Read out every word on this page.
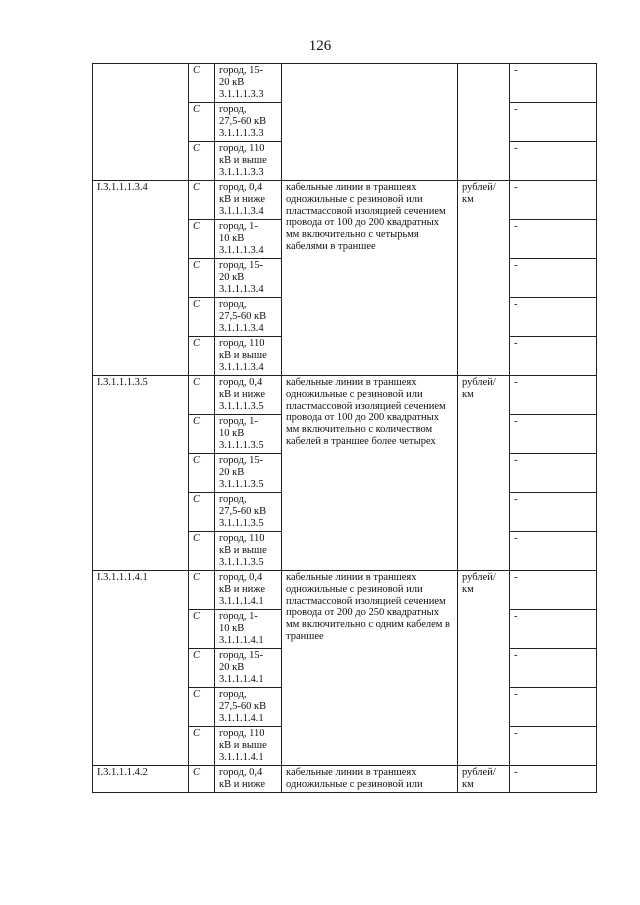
126
	С	город, 15-
20 кВ
3.1.1.1.3.3			-
	С	город,
27,5-60 кВ
3.1.1.1.3.3			-
	С	город, 110
кВ и выше
3.1.1.1.3.3			-
I.3.1.1.1.3.4	С	город, 0,4
кВ и ниже
3.1.1.1.3.4	кабельные линии в траншеях одножильные с резиновой или пластмассовой изоляцией сечением провода от 100 до 200 квадратных мм включительно с четырьмя кабелями в траншее	рублей/ км	-
	С	город, 1-
10 кВ
3.1.1.1.3.4			-
	С	город, 15-
20 кВ
3.1.1.1.3.4			-
	С	город,
27,5-60 кВ
3.1.1.1.3.4			-
	С	город, 110
кВ и выше
3.1.1.1.3.4			-
I.3.1.1.1.3.5	С	город, 0,4
кВ и ниже
3.1.1.1.3.5	кабельные линии в траншеях одножильные с резиновой или пластмассовой изоляцией сечением провода от 100 до 200 квадратных мм включительно с количеством кабелей в траншее более четырех	рублей/ км	-
	С	город, 1-
10 кВ
3.1.1.1.3.5			-
	С	город, 15-
20 кВ
3.1.1.1.3.5			-
	С	город,
27,5-60 кВ
3.1.1.1.3.5			-
	С	город, 110
кВ и выше
3.1.1.1.3.5			-
I.3.1.1.1.4.1	С	город, 0,4
кВ и ниже
3.1.1.1.4.1	кабельные линии в траншеях одножильные с резиновой или пластмассовой изоляцией сечением провода от 200 до 250 квадратных мм включительно с одним кабелем в траншее	рублей/ км	-
	С	город, 1-
10 кВ
3.1.1.1.4.1			-
	С	город, 15-
20 кВ
3.1.1.1.4.1			-
	С	город,
27,5-60 кВ
3.1.1.1.4.1			-
	С	город, 110
кВ и выше
3.1.1.1.4.1			-
I.3.1.1.1.4.2	С	город, 0,4
кВ и ниже	кабельные линии в траншеях одножильные с резиновой или	рублей/ км	-
